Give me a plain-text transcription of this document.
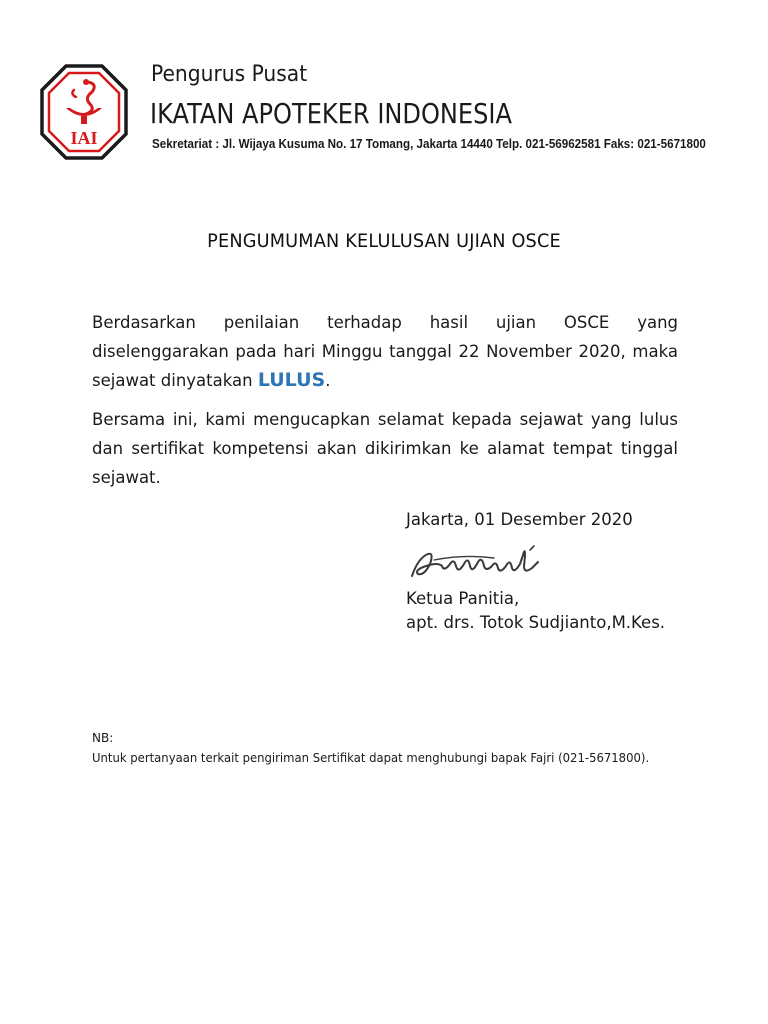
IAI
Pengurus Pusat
IKATAN APOTEKER INDONESIA
Sekretariat : Jl. Wijaya Kusuma No. 17 Tomang, Jakarta 14440 Telp. 021-56962581 Faks: 021-5671800
PENGUMUMAN KELULUSAN UJIAN OSCE

Berdasarkan penilaian terhadap hasil ujian OSCE yang diselenggarakan pada hari Minggu tanggal 22 November 2020, maka sejawat dinyatakan LULUS.

Bersama ini, kami mengucapkan selamat kepada sejawat yang lulus dan sertifikat kompetensi akan dikirimkan ke alamat tempat tinggal sejawat.

Jakarta, 01 Desember 2020
Ketua Panitia,
apt. drs. Totok Sudjianto,M.Kes.
NB:
Untuk pertanyaan terkait pengiriman Sertifikat dapat menghubungi bapak Fajri (021-5671800).
